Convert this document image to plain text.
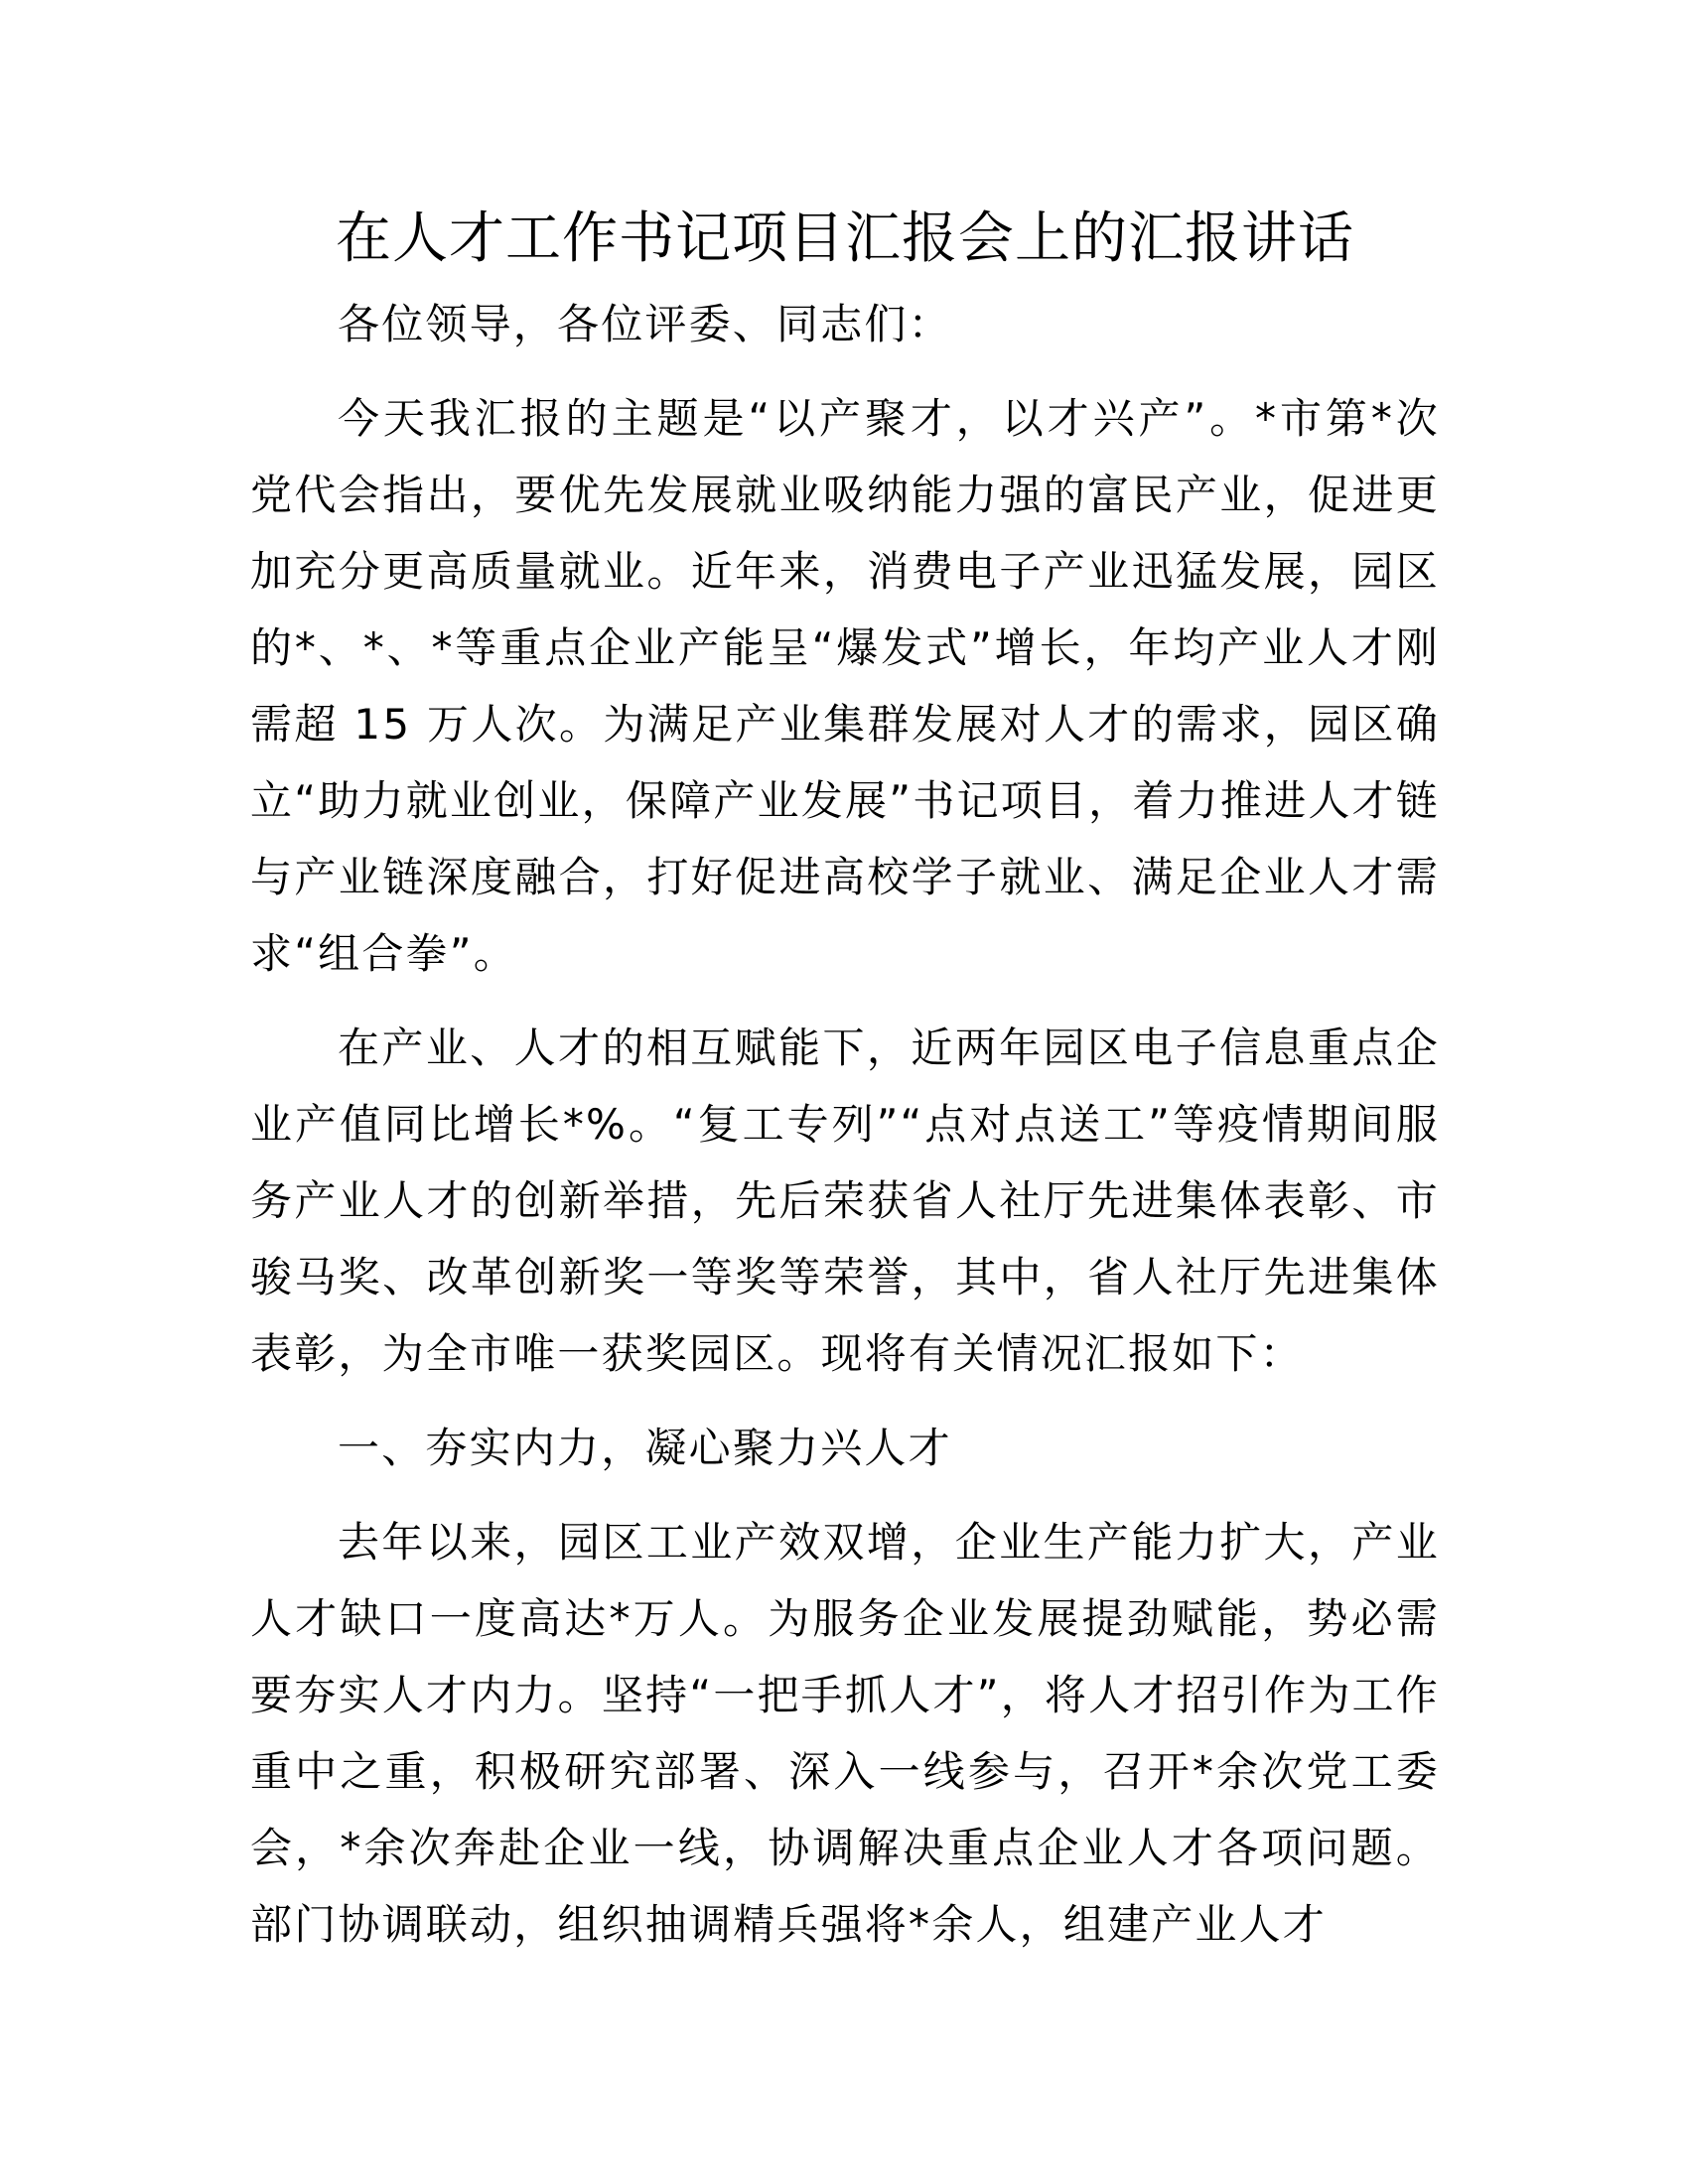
在人才工作书记项目汇报会上的汇报讲话

各位领导，各位评委、同志们：

今天我汇报的主题是“以产聚才，以才兴产”。*市第*次党代会指出，要优先发展就业吸纳能力强的富民产业，促进更加充分更高质量就业。近年来，消费电子产业迅猛发展，园区的*、*、*等重点企业产能呈“爆发式”增长，年均产业人才刚需超 15 万人次。为满足产业集群发展对人才的需求，园区确立“助力就业创业，保障产业发展”书记项目，着力推进人才链与产业链深度融合，打好促进高校学子就业、满足企业人才需求“组合拳”。

在产业、人才的相互赋能下，近两年园区电子信息重点企业产值同比增长*%。“复工专列”“点对点送工”等疫情期间服务产业人才的创新举措，先后荣获省人社厅先进集体表彰、市骏马奖、改革创新奖一等奖等荣誉，其中，省人社厅先进集体表彰，为全市唯一获奖园区。现将有关情况汇报如下：

一、夯实内力，凝心聚力兴人才

去年以来，园区工业产效双增，企业生产能力扩大，产业人才缺口一度高达*万人。为服务企业发展提劲赋能，势必需要夯实人才内力。坚持“一把手抓人才”，将人才招引作为工作重中之重，积极研究部署、深入一线参与，召开*余次党工委会，*余次奔赴企业一线，协调解决重点企业人才各项问题。部门协调联动，组织抽调精兵强将*余人，组建产业人才
